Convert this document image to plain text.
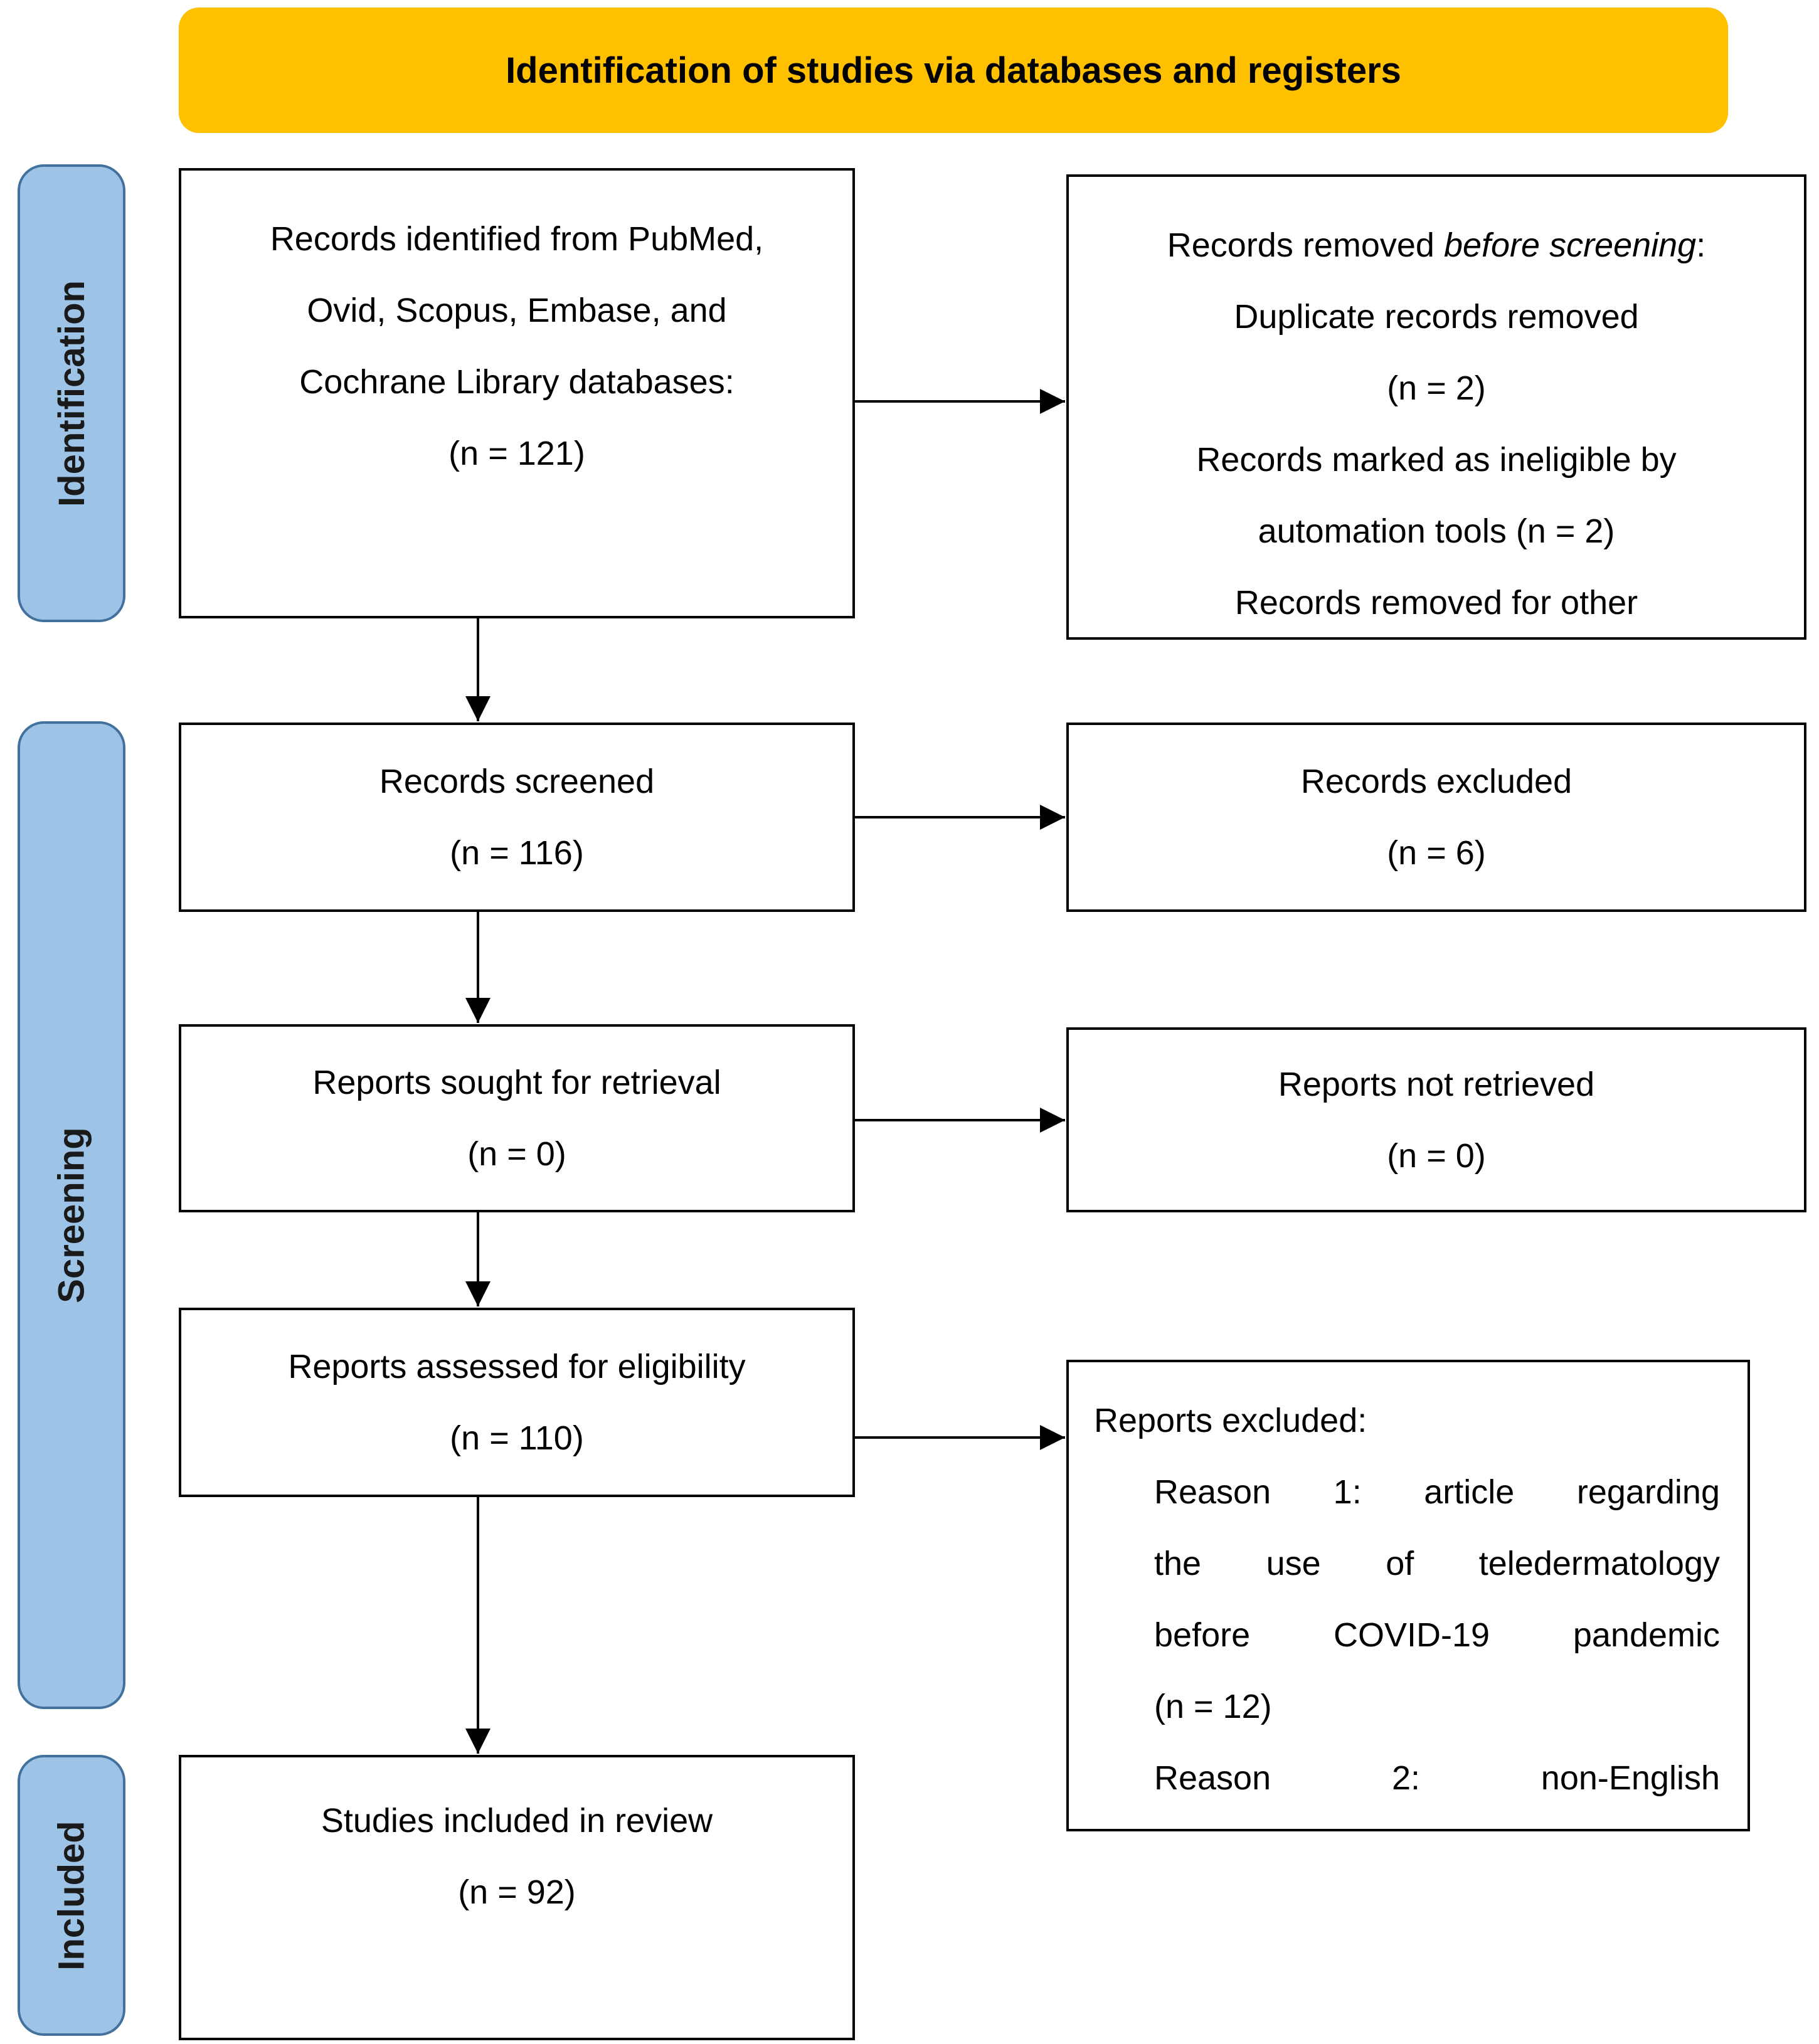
Identification of studies via databases and registers
Identification
Screening
Included
Records identified from PubMed,
Ovid, Scopus, Embase, and
Cochrane Library databases:
(n = 121)
Records screened
(n = 116)
Reports sought for retrieval
(n = 0)
Reports assessed for eligibility
(n = 110)
Studies included in review
(n = 92)
Records removed before screening:
Duplicate records removed
(n = 2)
Records marked as ineligible by
automation tools (n = 2)
Records removed for other
Records excluded
(n = 6)
Reports not retrieved
(n = 0)
Reports excluded:
Reason 1: article regarding
the use of teledermatology
before COVID-19 pandemic
(n = 12)
Reason 2: non-English
